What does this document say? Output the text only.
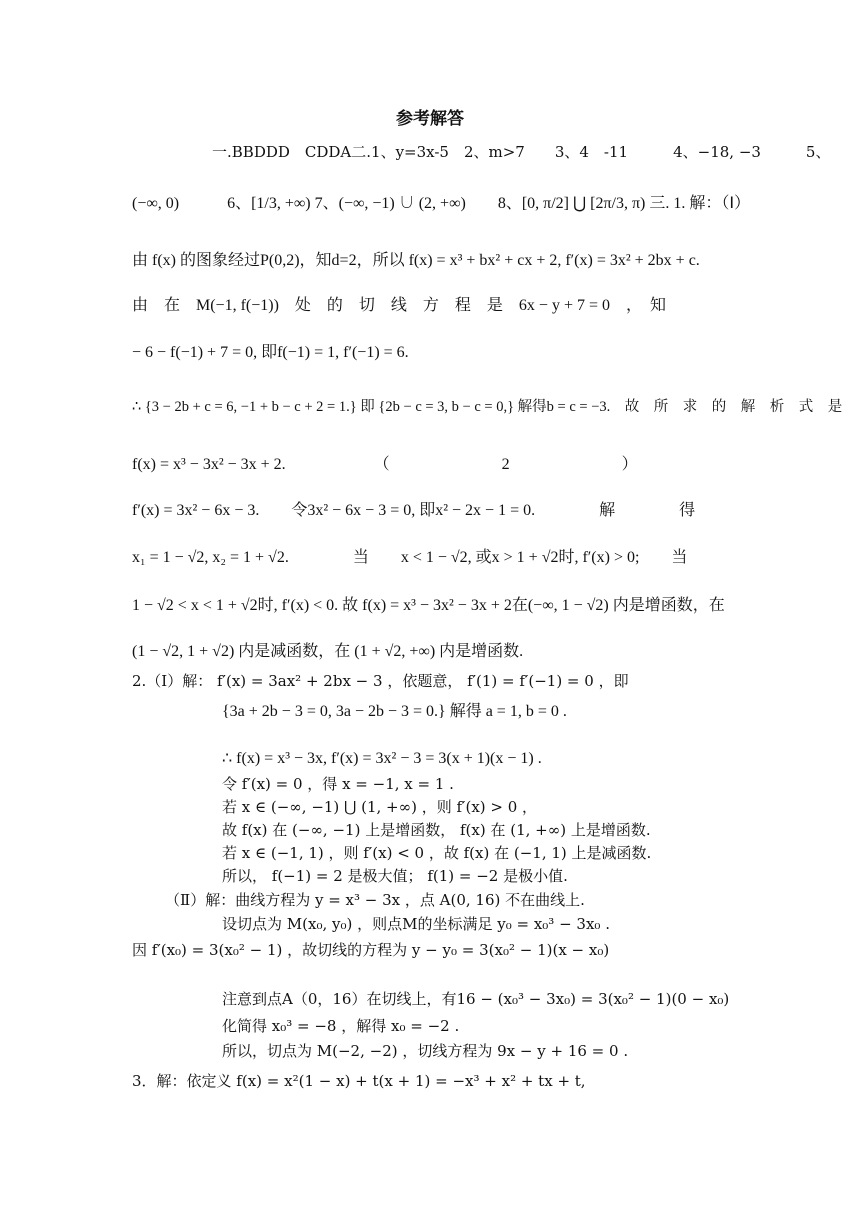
参考解答
一.BBDDD　CDDA二.1、y=3x-5　2、m>7　　3、4　-11　　　4、−18, −3　　　5、
(−∞, 0)　　　6、[1/3, +∞) 7、(−∞, −1) ∪ (2, +∞)　　8、[0, π/2] ⋃ [2π/3, π) 三. 1. 解：（Ⅰ）
由 f(x) 的图象经过P(0,2)，知d=2，所以 f(x) = x³ + bx² + cx + 2, f′(x) = 3x² + 2bx + c.
由　在　M(−1, f(−1))　处　的　切　线　方　程　是　6x − y + 7 = 0　，　知
− 6 − f(−1) + 7 = 0, 即f(−1) = 1, f′(−1) = 6.
∴ {3 − 2b + c = 6, −1 + b − c + 2 = 1.} 即 {2b − c = 3, b − c = 0,} 解得b = c = −3.　故　所　求　的　解　析　式　是
f(x) = x³ − 3x² − 3x + 2.　　　　　　（　　　　　　　2　　　　　　　）
f′(x) = 3x² − 6x − 3.　　令3x² − 6x − 3 = 0, 即x² − 2x − 1 = 0.　　　　解　　　　得
x₁ = 1 − √2, x₂ = 1 + √2.　　　　当　　x < 1 − √2, 或x > 1 + √2时, f′(x) > 0;　　当
1 − √2 < x < 1 + √2时, f′(x) < 0. 故 f(x) = x³ − 3x² − 3x + 2在(−∞, 1 − √2) 内是增函数，在
(1 − √2, 1 + √2) 内是减函数，在 (1 + √2, +∞) 内是增函数.
2.（Ⅰ）解： f′(x) = 3ax² + 2bx − 3 ，依题意， f′(1) = f′(−1) = 0 ，即
{3a + 2b − 3 = 0, 3a − 2b − 3 = 0.} 解得 a = 1, b = 0 .
∴ f(x) = x³ − 3x, f′(x) = 3x² − 3 = 3(x + 1)(x − 1) .
令 f′(x) = 0 ，得 x = −1, x = 1 .
若 x ∈ (−∞, −1) ⋃ (1, +∞) ，则 f′(x) > 0 ，
故 f(x) 在 (−∞, −1) 上是增函数， f(x) 在 (1, +∞) 上是增函数.
若 x ∈ (−1, 1) ，则 f′(x) < 0 ，故 f(x) 在 (−1, 1) 上是减函数.
所以， f(−1) = 2 是极大值； f(1) = −2 是极小值.
（Ⅱ）解：曲线方程为 y = x³ − 3x ，点 A(0, 16) 不在曲线上.
设切点为 M(x₀, y₀) ，则点M的坐标满足 y₀ = x₀³ − 3x₀ .
因 f′(x₀) = 3(x₀² − 1) ，故切线的方程为 y − y₀ = 3(x₀² − 1)(x − x₀)
注意到点A（0，16）在切线上，有16 − (x₀³ − 3x₀) = 3(x₀² − 1)(0 − x₀)
化简得 x₀³ = −8 ，解得 x₀ = −2 .
所以，切点为 M(−2, −2) ，切线方程为 9x − y + 16 = 0 .
3．解：依定义 f(x) = x²(1 − x) + t(x + 1) = −x³ + x² + tx + t,
